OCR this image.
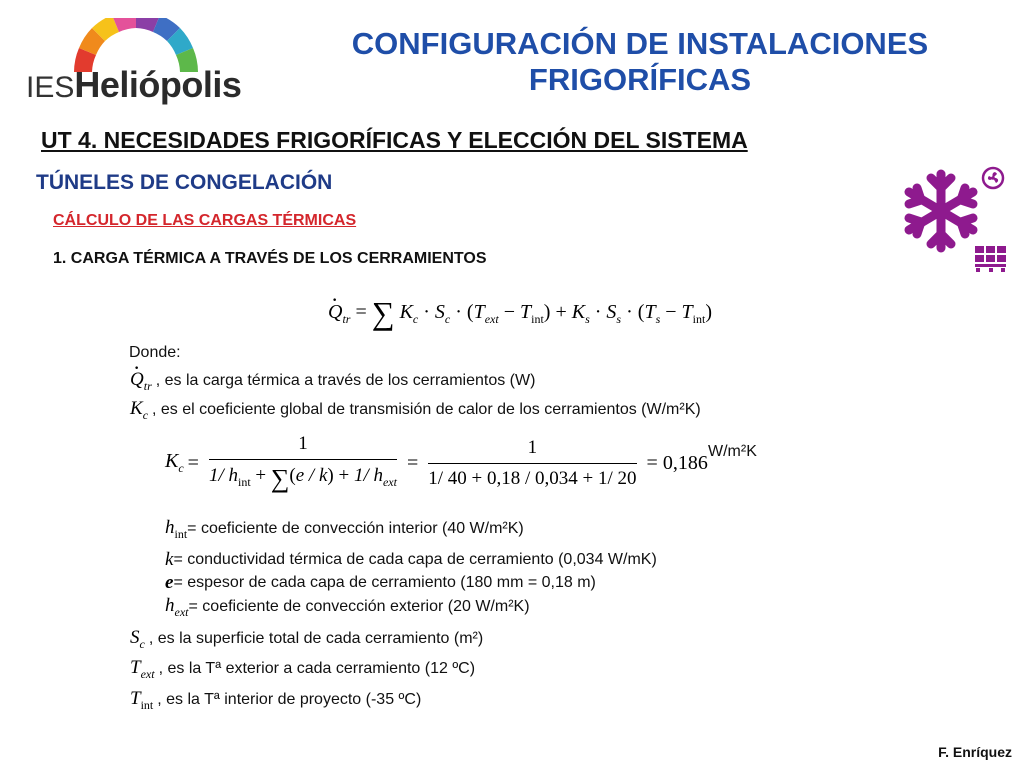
IESHeliópolis
CONFIGURACIÓN DE INSTALACIONES
FRIGORÍFICAS
UT 4. NECESIDADES FRIGORÍFICAS Y ELECCIÓN DEL SISTEMA
TÚNELES DE CONGELACIÓN
CÁLCULO DE LAS CARGAS TÉRMICAS
1. CARGA TÉRMICA A TRAVÉS DE LOS CERRAMIENTOS
· $Q_{tr}$ = ∑ $K_c \cdot S_c \cdot (T_{ext} - T_{int}) + K_s \cdot S_s \cdot (T_s - T_{int})$
Donde:
· $Q_{tr}$ , es la carga térmica a través de los cerramientos (W)
$K_c$ , es el coeficiente global de transmisión de calor de los cerramientos (W/m²K)
$K_c = \frac{1}{1/ h_{int} + \sum(e / k) + 1/ h_{ext}} = \frac{1}{1/ 40 + 0,18 / 0,034 + 1/ 20} = 0,186$ W/m²K
$h_{int}$ = coeficiente de convección interior (40 W/m²K)
k = conductividad térmica de cada capa de cerramiento (0,034 W/mK)
e = espesor de cada capa de cerramiento (180 mm = 0,18 m)
$h_{ext}$ = coeficiente de convección exterior (20 W/m²K)
$S_c$ , es la superficie total de cada cerramiento (m²)
$T_{ext}$ , es la Tª exterior a cada cerramiento (12 ºC)
$T_{int}$ , es la Tª interior de proyecto (-35 ºC)
F. Enríquez
